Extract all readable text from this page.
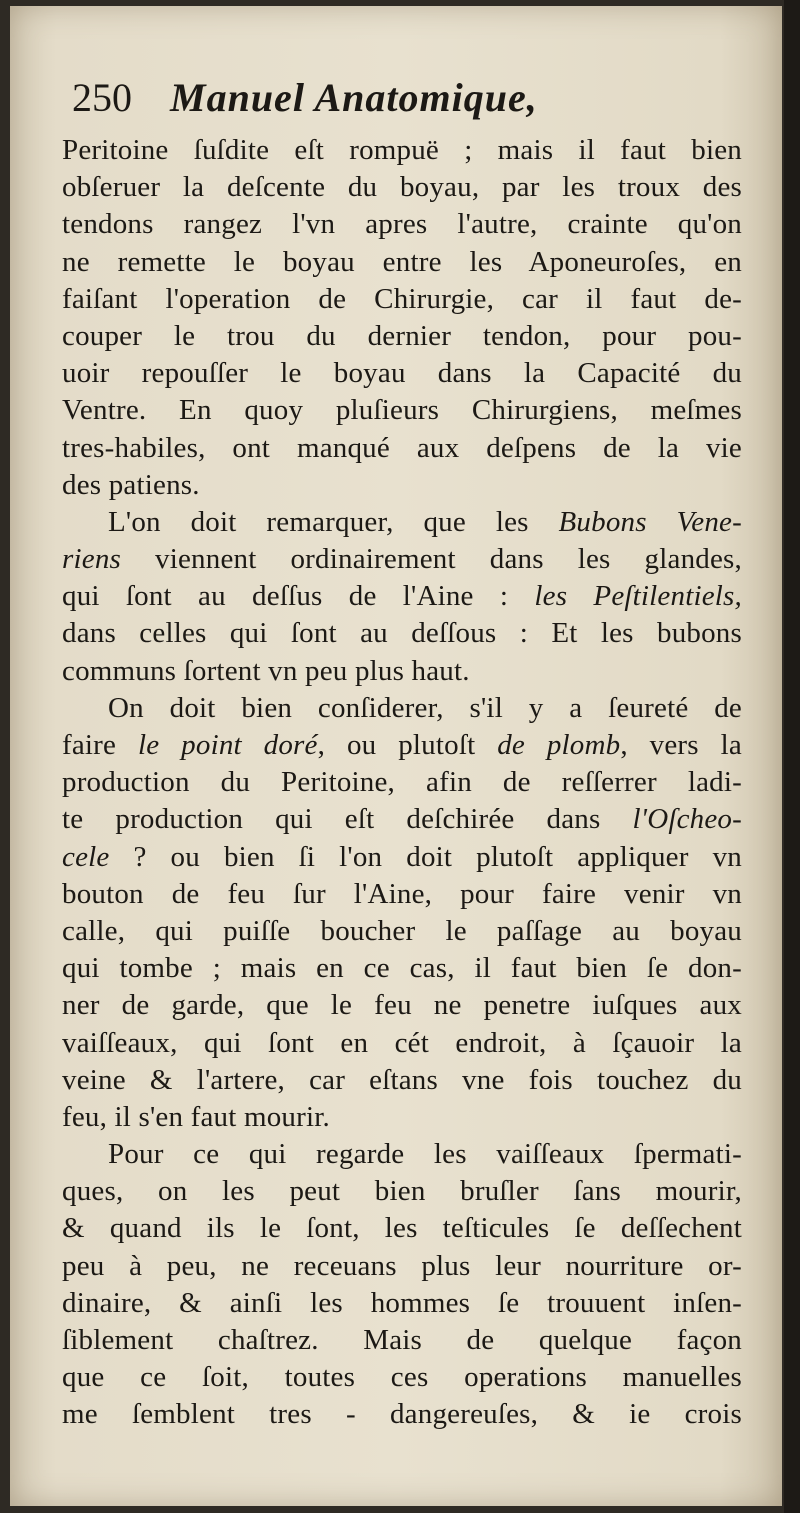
250 Manuel Anatomique,
Peritoine ſuſdite eſt rompuë ; mais il faut bien
obſeruer la deſcente du boyau, par les troux des
tendons rangez l'vn apres l'autre, crainte qu'on
ne remette le boyau entre les Aponeuroſes, en
faiſant l'operation de Chirurgie, car il faut de-
couper le trou du dernier tendon, pour pou-
uoir repouſſer le boyau dans la Capacité du
Ventre. En quoy pluſieurs Chirurgiens, meſmes
tres-habiles, ont manqué aux deſpens de la vie
des patiens.
L'on doit remarquer, que les Bubons Vene-
riens viennent ordinairement dans les glandes,
qui ſont au deſſus de l'Aine : les Peſtilentiels,
dans celles qui ſont au deſſous : Et les bubons
communs ſortent vn peu plus haut.
On doit bien conſiderer, s'il y a ſeureté de
faire le point doré, ou plutoſt de plomb, vers la
production du Peritoine, afin de reſſerrer ladi-
te production qui eſt deſchirée dans l'Oſcheo-
cele ? ou bien ſi l'on doit plutoſt appliquer vn
bouton de feu ſur l'Aine, pour faire venir vn
calle, qui puiſſe boucher le paſſage au boyau
qui tombe ; mais en ce cas, il faut bien ſe don-
ner de garde, que le feu ne penetre iuſques aux
vaiſſeaux, qui ſont en cét endroit, à ſçauoir la
veine & l'artere, car eſtans vne fois touchez du
feu, il s'en faut mourir.
Pour ce qui regarde les vaiſſeaux ſpermati-
ques, on les peut bien bruſler ſans mourir,
& quand ils le ſont, les teſticules ſe deſſechent
peu à peu, ne receuans plus leur nourriture or-
dinaire, & ainſi les hommes ſe trouuent inſen-
ſiblement chaſtrez. Mais de quelque façon
que ce ſoit, toutes ces operations manuelles
me ſemblent tres - dangereuſes, & ie crois
